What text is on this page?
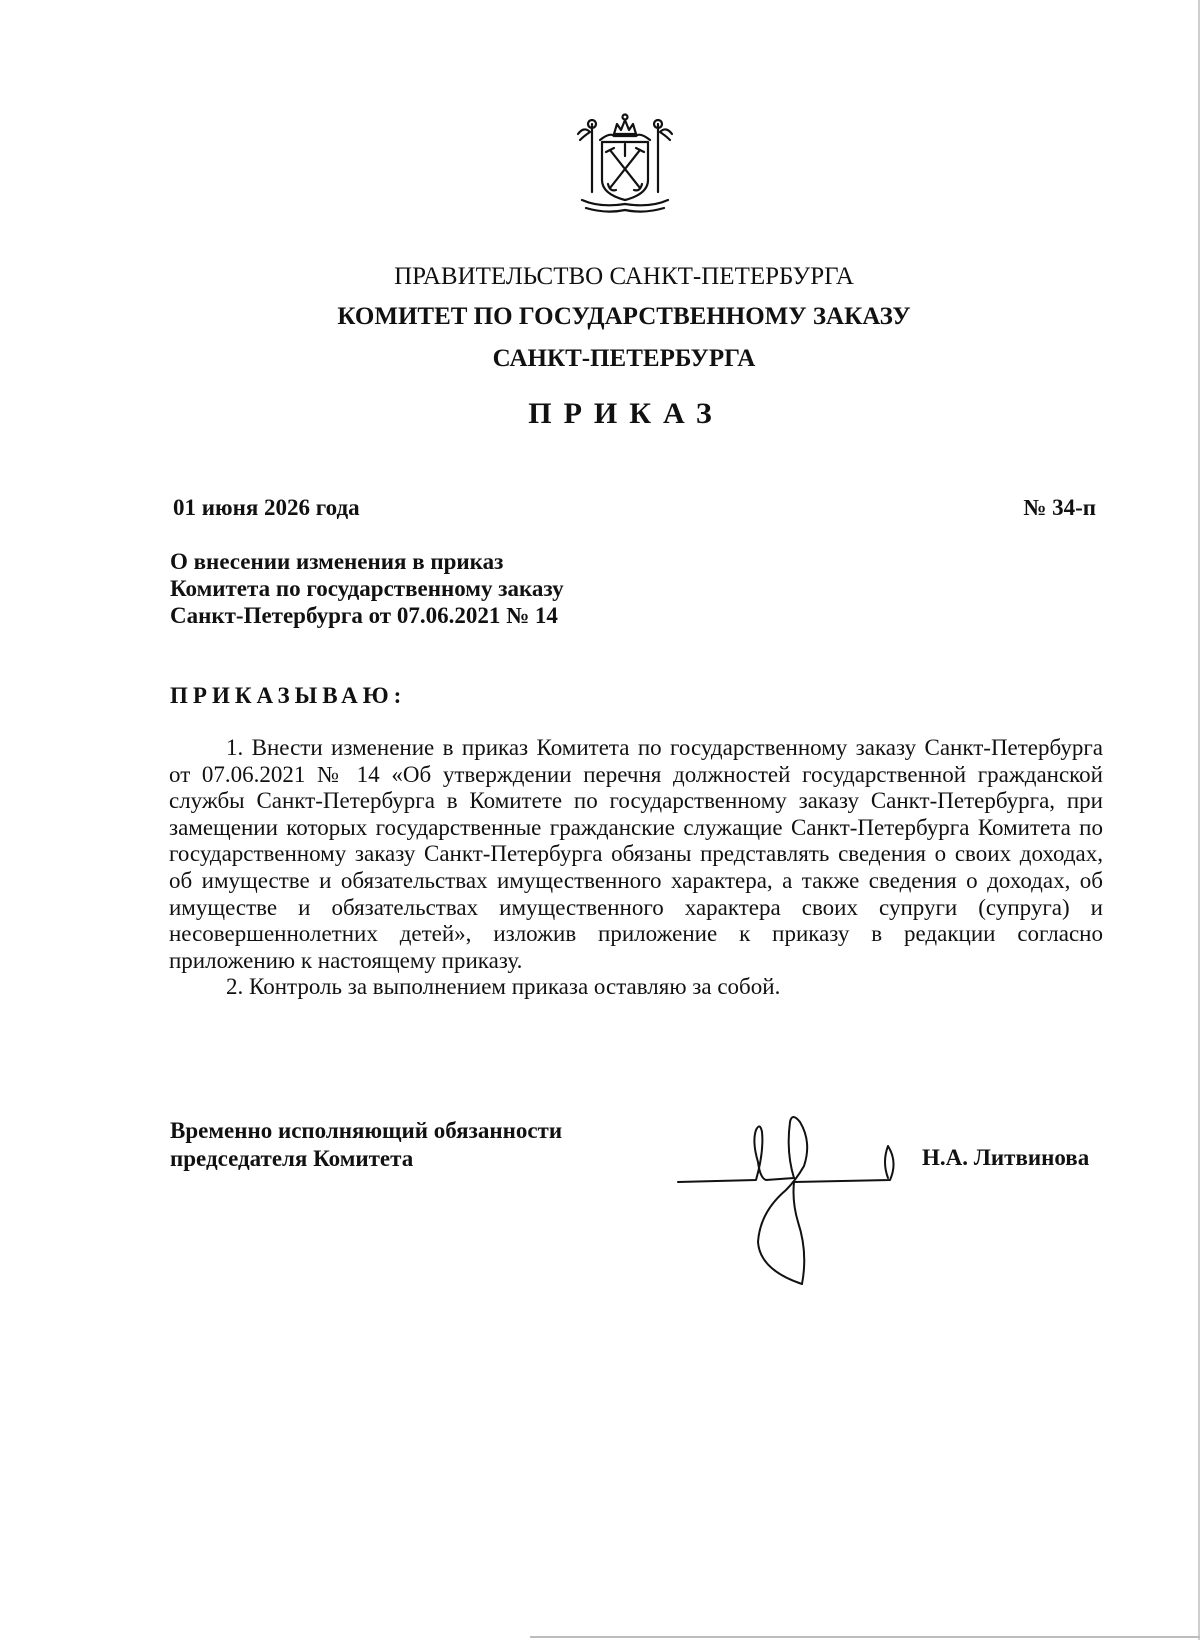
ПРАВИТЕЛЬСТВО САНКТ-ПЕТЕРБУРГА
КОМИТЕТ ПО ГОСУДАРСТВЕННОМУ ЗАКАЗУ
САНКТ-ПЕТЕРБУРГА
ПРИКАЗ
01 июня 2026 года	№ 34-п
О внесении изменения в приказ
Комитета по государственному заказу
Санкт-Петербурга от 07.06.2021 № 14
ПРИКАЗЫВАЮ:

1. Внести изменение в приказ Комитета по государственному заказу Санкт-Петербурга от 07.06.2021 № 14 «Об утверждении перечня должностей государственной гражданской службы Санкт-Петербурга в Комитете по государственному заказу Санкт-Петербурга, при замещении которых государственные гражданские служащие Санкт-Петербурга Комитета по государственному заказу Санкт-Петербурга обязаны представлять сведения о своих доходах, об имуществе и обязательствах имущественного характера, а также сведения о доходах, об имуществе и обязательствах имущественного характера своих супруги (супруга) и несовершеннолетних детей», изложив приложение к приказу в редакции согласно приложению к настоящему приказу.

2. Контроль за выполнением приказа оставляю за собой.

Временно исполняющий обязанности
председателя Комитета	Н.А. Литвинова
